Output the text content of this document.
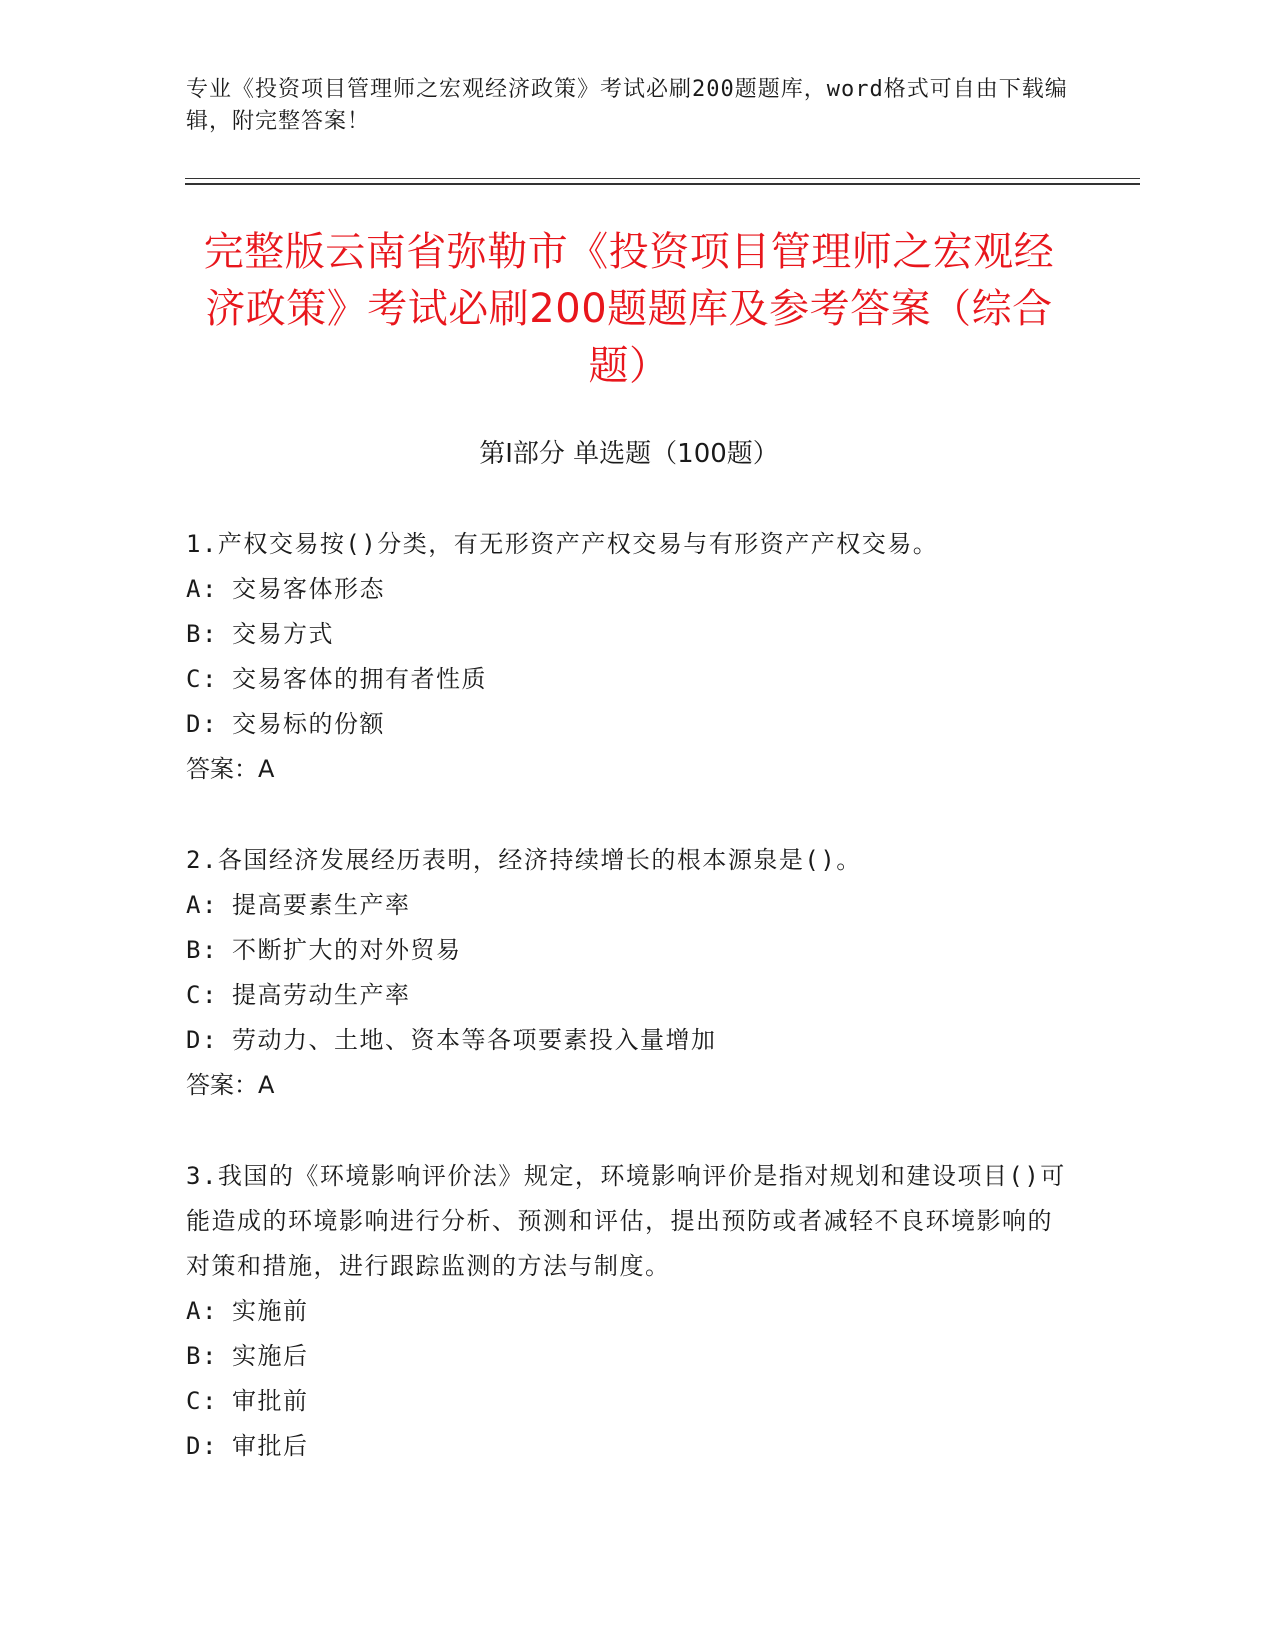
专业《投资项目管理师之宏观经济政策》考试必刷200题题库，word格式可自由下载编辑，附完整答案！
完整版云南省弥勒市《投资项目管理师之宏观经济政策》考试必刷200题题库及参考答案（综合题）
第I部分 单选题（100题）
1.产权交易按()分类，有无形资产产权交易与有形资产产权交易。
A: 交易客体形态
B: 交易方式
C: 交易客体的拥有者性质
D: 交易标的份额
答案：A
2.各国经济发展经历表明，经济持续增长的根本源泉是()。
A: 提高要素生产率
B: 不断扩大的对外贸易
C: 提高劳动生产率
D: 劳动力、土地、资本等各项要素投入量增加
答案：A
3.我国的《环境影响评价法》规定，环境影响评价是指对规划和建设项目()可能造成的环境影响进行分析、预测和评估，提出预防或者减轻不良环境影响的对策和措施，进行跟踪监测的方法与制度。
A: 实施前
B: 实施后
C: 审批前
D: 审批后
